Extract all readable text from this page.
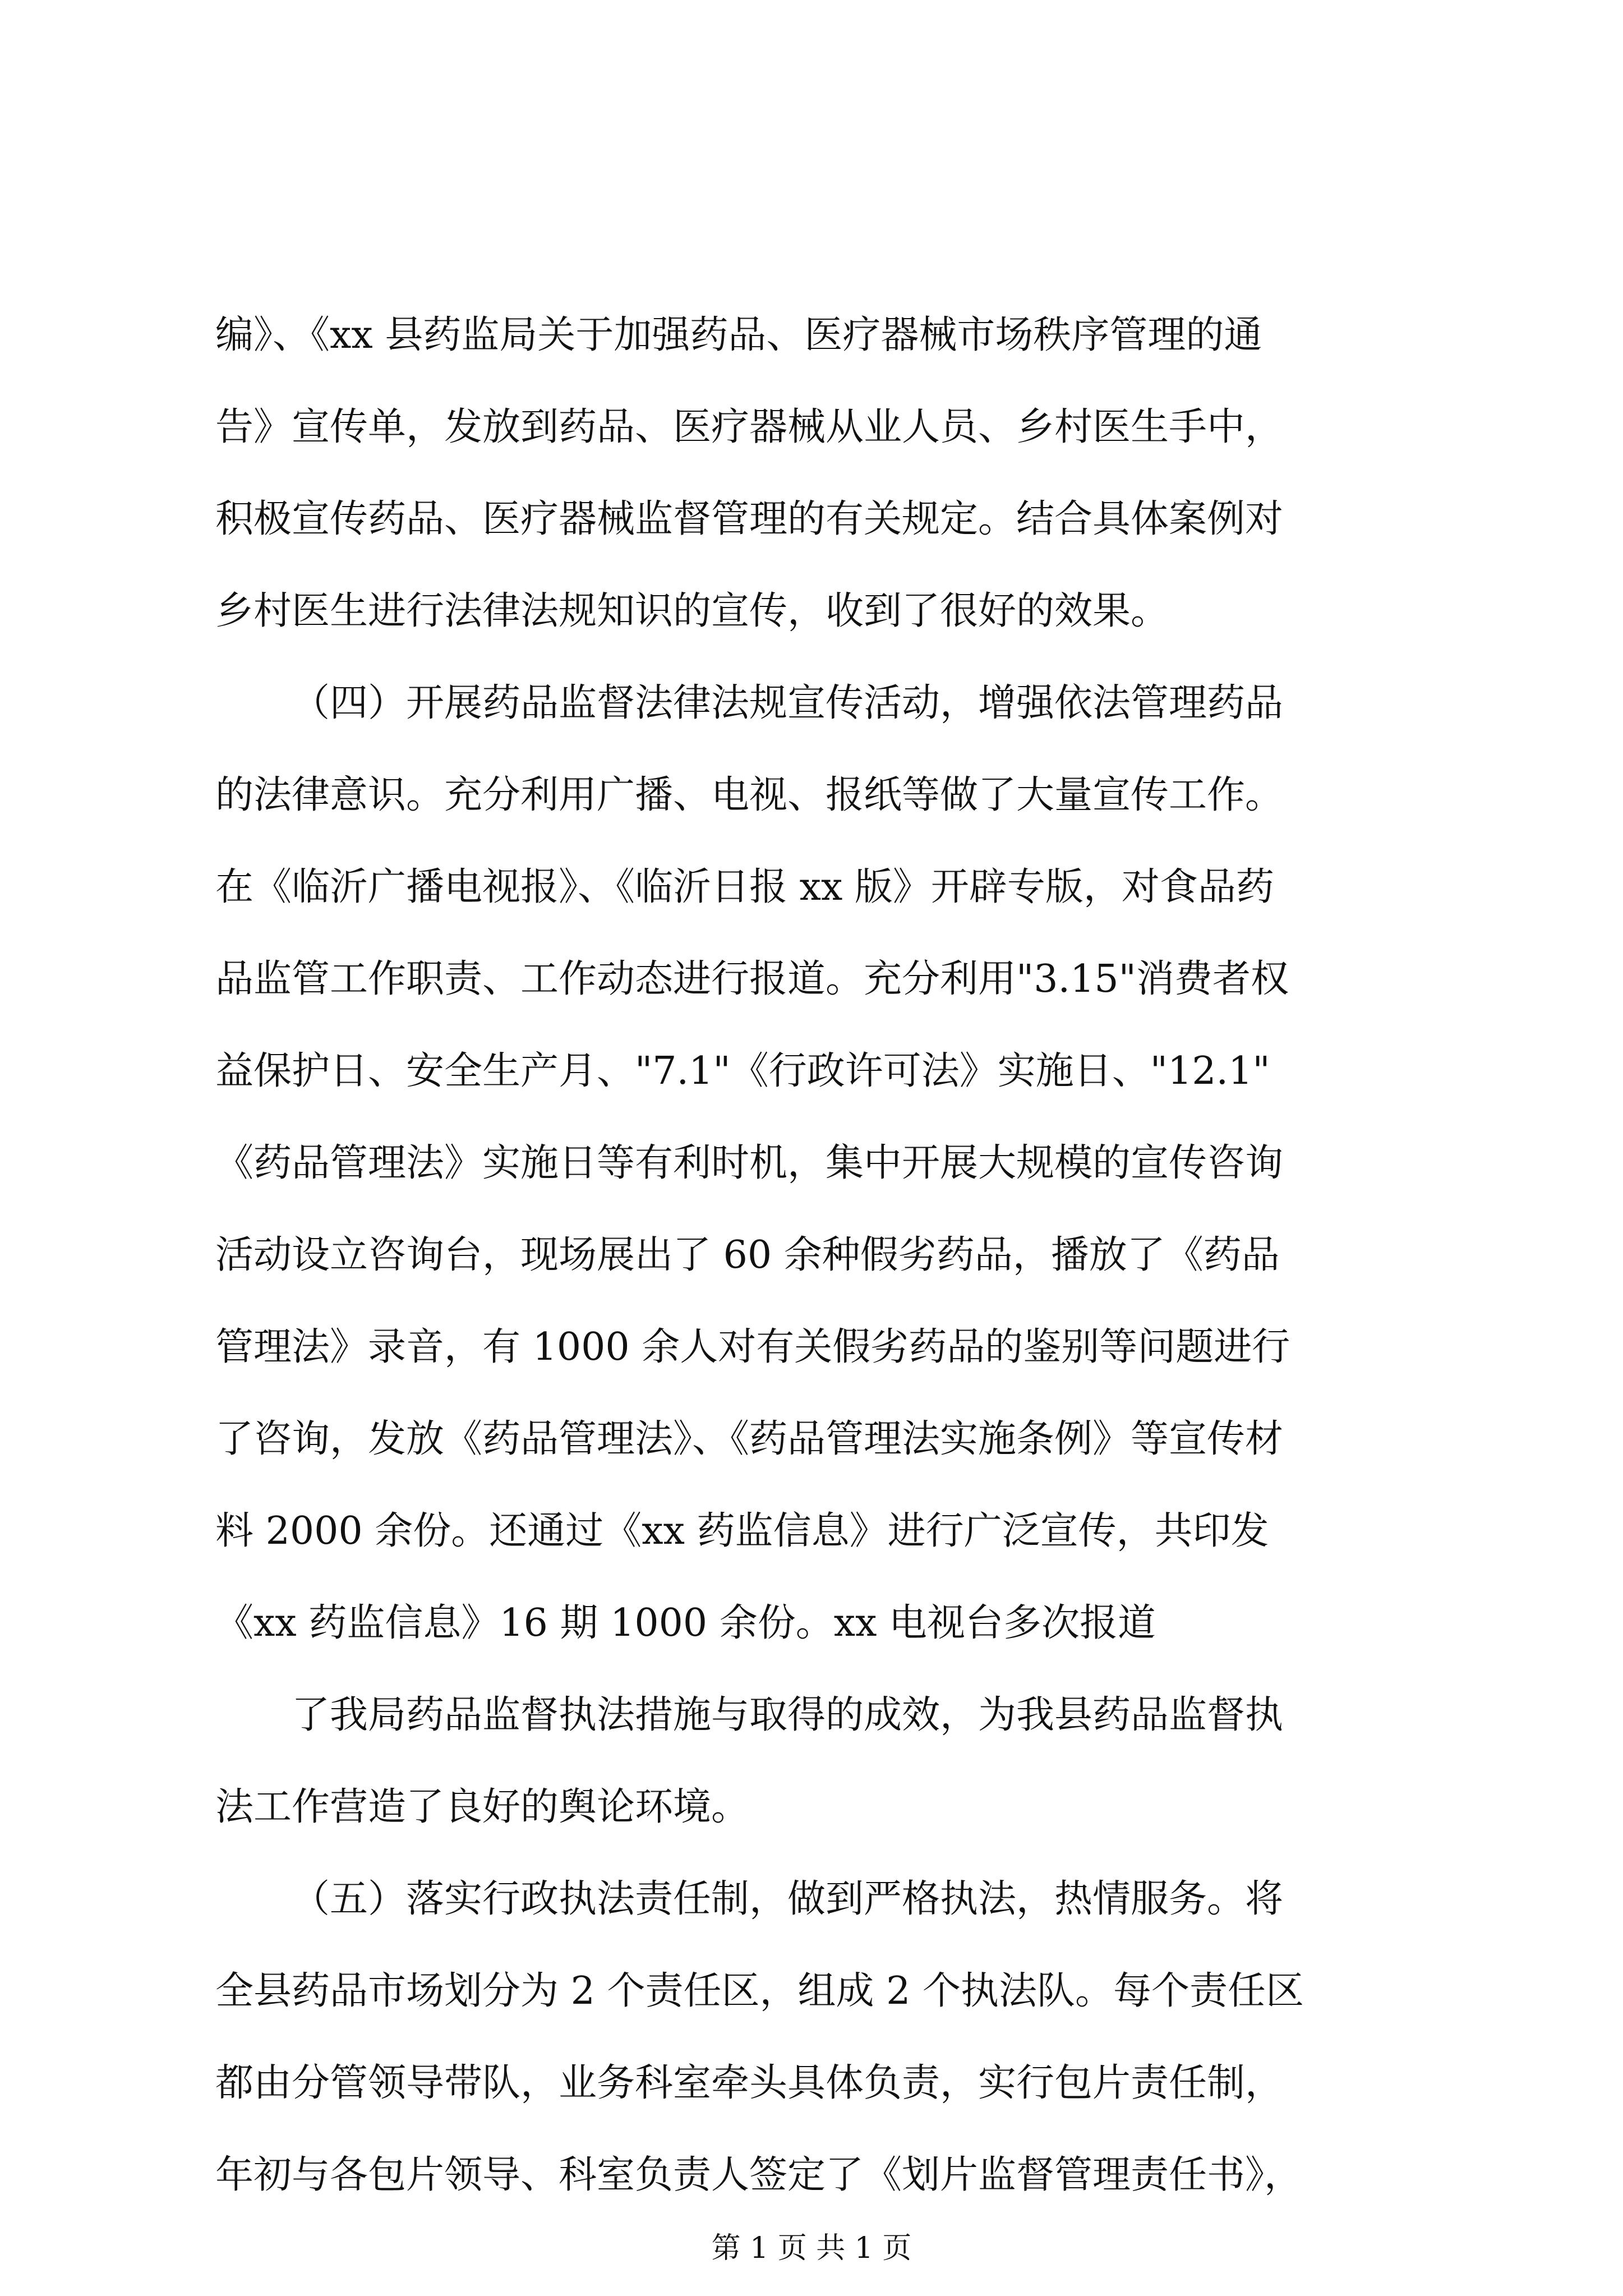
编》、《xx 县药监局关于加强药品、医疗器械市场秩序管理的通
告》宣传单，发放到药品、医疗器械从业人员、乡村医生手中，
积极宣传药品、医疗器械监督管理的有关规定。结合具体案例对
乡村医生进行法律法规知识的宣传，收到了很好的效果。
（四）开展药品监督法律法规宣传活动，增强依法管理药品
的法律意识。充分利用广播、电视、报纸等做了大量宣传工作。
在《临沂广播电视报》、《临沂日报 xx 版》开辟专版，对食品药
品监管工作职责、工作动态进行报道。充分利用"3.15"消费者权
益保护日、安全生产月、"7.1"《行政许可法》实施日、"12.1"
《药品管理法》实施日等有利时机，集中开展大规模的宣传咨询
活动设立咨询台，现场展出了 60 余种假劣药品，播放了《药品
管理法》录音，有 1000 余人对有关假劣药品的鉴别等问题进行
了咨询，发放《药品管理法》、《药品管理法实施条例》等宣传材
料 2000 余份。还通过《xx 药监信息》进行广泛宣传，共印发
《xx 药监信息》16 期 1000 余份。xx 电视台多次报道
了我局药品监督执法措施与取得的成效，为我县药品监督执
法工作营造了良好的舆论环境。
（五）落实行政执法责任制，做到严格执法，热情服务。将
全县药品市场划分为 2 个责任区，组成 2 个执法队。每个责任区
都由分管领导带队，业务科室牵头具体负责，实行包片责任制，
年初与各包片领导、科室负责人签定了《划片监督管理责任书》，
第 1 页 共 1 页
